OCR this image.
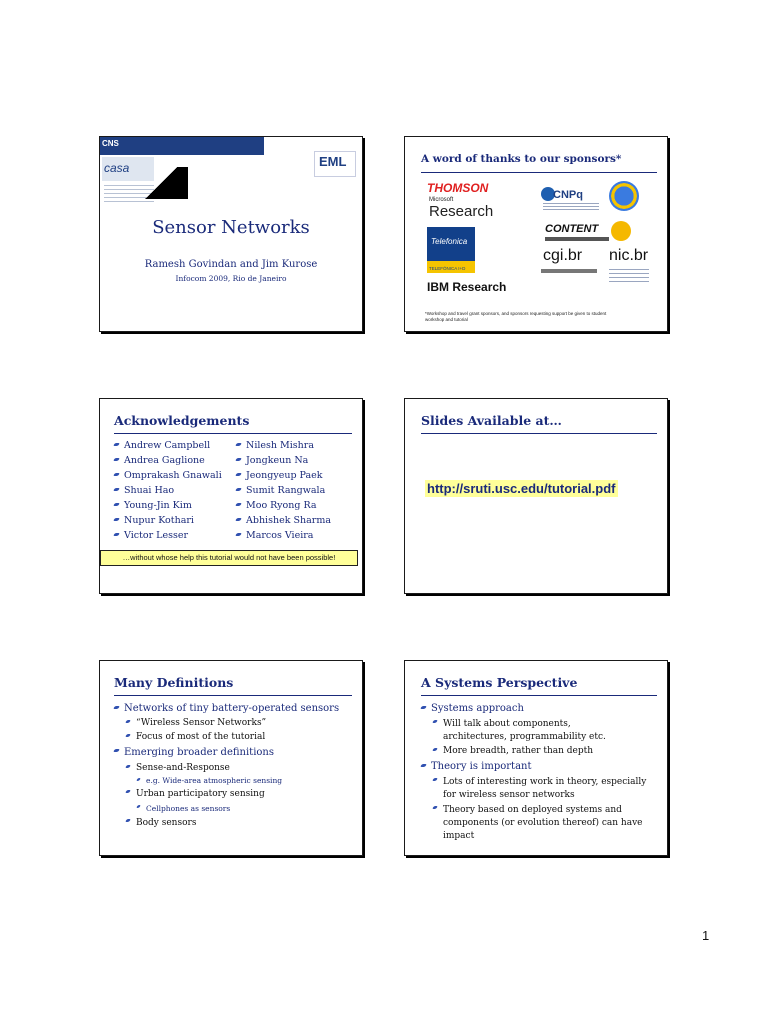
CNS
casa	EML
Sensor Networks
Ramesh Govindan and Jim Kurose
Infocom 2009, Rio de Janeiro
A word of thanks to our sponsors*
THOMSON
Microsoft
Research
Telefonica
TELEFÓNICA I+D
IBM Research
CNPq
CONTENT
cgi.br nic.br
*Workshop and travel grant sponsors, and sponsors requesting support be given to student workshop and tutorial
Acknowledgements
Andrew Campbell
Andrea Gaglione
Omprakash Gnawali
Shuai Hao
Young-Jin Kim
Nupur Kothari
Victor Lesser
Nilesh Mishra
Jongkeun Na
Jeongyeup Paek
Sumit Rangwala
Moo Ryong Ra
Abhishek Sharma
Marcos Vieira
…without whose help this tutorial would not have been possible!
Slides Available at…
http://sruti.usc.edu/tutorial.pdf
Many Definitions
Networks of tiny battery-operated sensors
“Wireless Sensor Networks”
Focus of most of the tutorial
Emerging broader definitions
Sense-and-Response
e.g. Wide-area atmospheric sensing
Urban participatory sensing
Cellphones as sensors
Body sensors
A Systems Perspective
Systems approach
Will talk about components, architectures, programmability etc.
More breadth, rather than depth
Theory is important
Lots of interesting work in theory, especially for wireless sensor networks
Theory based on deployed systems and components (or evolution thereof) can have impact
1
